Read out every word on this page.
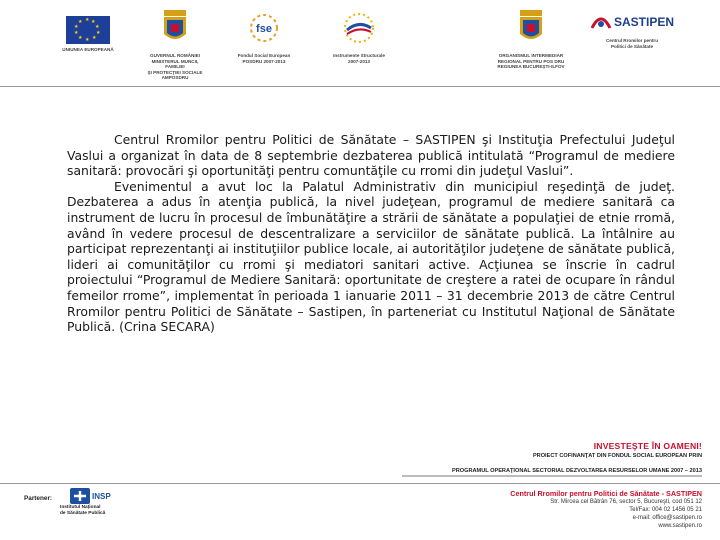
★ ★
★
★
★
★
★
★
★
★
UNIUNEA EUROPEANĂ
GUVERNUL ROMÂNIEI
MINISTERUL MUNCII, FAMILIEI
ŞI PROTECŢIEI SOCIALE
AMPOSDRU
fse
Fondul Social European
POSDRU 2007-2013
Instrumente Structurale
2007-2013
ORGANISMUL INTERMEDIAR
REGIONAL PENTRU POS DRU
REGIUNEA BUCUREŞTI-ILFOV
SASTIPEN
Centrul Rromilor pentru
Politici de Sănătate

Centrul Rromilor pentru Politici de Sănătate – SASTIPEN şi Instituţia Prefectului Judeţul Vaslui a organizat în data de 8 septembrie dezbaterea publică intitulată “Programul de mediere sanitară: provocări şi oportunităţi pentru comuntăţile cu rromi din judeţul Vaslui”.

Evenimentul a avut loc la Palatul Administrativ din municipiul reşedinţă de judeţ. Dezbaterea a adus în atenţia publică, la nivel judeţean, programul de mediere sanitară ca instrument de lucru în procesul de îmbunătăţire a strării de sănătate a populaţiei de etnie rromă, având în vedere procesul de descentralizare a serviciilor de sănătate publică. La întâlnire au participat reprezentanţi ai instituţiilor publice locale, ai autorităţilor judeţene de sănătate publică, lideri ai comunităţilor cu rromi şi mediatori sanitari active. Acţiunea se înscrie în cadrul proiectului “Programul de Mediere Sanitară: oportunitate de creştere a ratei de ocupare în rândul femeilor rrome”, implementat în perioada 1 ianuarie 2011 – 31 decembrie 2013 de către Centrul Rromilor pentru Politici de Sănătate – Sastipen, în parteneriat cu Institutul Naţional de Sănătate Publică. (Crina SECARA)

INVESTEŞTE ÎN OAMENI!
PROIECT COFINANŢAT DIN FONDUL SOCIAL EUROPEAN PRIN
PROGRAMUL OPERAŢIONAL SECTORIAL DEZVOLTAREA RESURSELOR UMANE 2007 – 2013
Partener:	INSP
Institutul Naţional
de Sănătate Publică
Centrul Rromilor pentru Politici de Sănătate - SASTIPEN
Str. Mircea cel Bătrân 76, sector 5, Bucureşti, cod 051 12
Tel/Fax: 004 02 1456 05 21
e-mail: office@sastipen.ro
www.sastipen.ro
